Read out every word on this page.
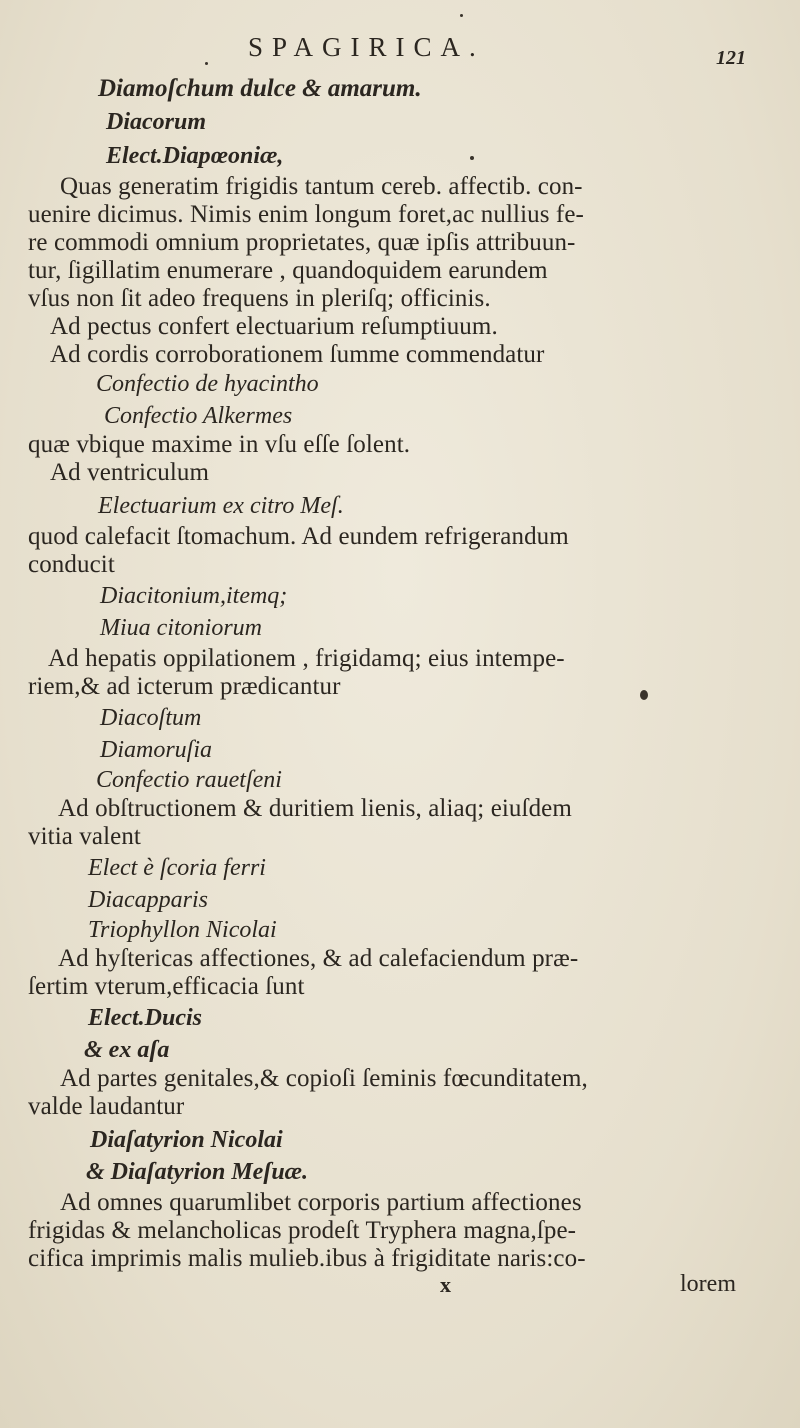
SPAGIRICA.	121
Diamoſchum dulce & amarum.
Diacorum
Elect.Diapœoniæ,
Quas generatim frigidis tantum cereb. affectib. con-
uenire dicimus. Nimis enim longum foret,ac nullius fe-
re commodi omnium proprietates, quæ ipſis attribuun-
tur, ſigillatim enumerare , quandoquidem earundem
vſus non ſit adeo frequens in pleriſq; officinis.
Ad pectus confert electuarium reſumptiuum.
Ad cordis corroborationem ſumme commendatur
Confectio de hyacintho
Confectio Alkermes
quæ vbique maxime in vſu eſſe ſolent.
Ad ventriculum
Electuarium ex citro Meſ.
quod calefacit ſtomachum. Ad eundem refrigerandum
conducit
Diacitonium,itemq;
Miua citoniorum
Ad hepatis oppilationem , frigidamq; eius intempe-
riem,& ad icterum prædicantur
Diacoſtum
Diamoruſia
Confectio rauetſeni
Ad obſtructionem & duritiem lienis, aliaq; eiuſdem
vitia valent
Elect è ſcoria ferri
Diacapparis
Triophyllon Nicolai
Ad hyſtericas affectiones, & ad calefaciendum præ-
ſertim vterum,efficacia ſunt
Elect.Ducis
& ex aſa
Ad partes genitales,& copioſi ſeminis fœcunditatem,
valde laudantur
Diaſatyrion Nicolai
& Diaſatyrion Meſuæ.
Ad omnes quarumlibet corporis partium affectiones
frigidas & melancholicas prodeſt Tryphera magna,ſpe-
cifica imprimis malis mulieb.ibus à frigiditate naris:co-
x	lorem
